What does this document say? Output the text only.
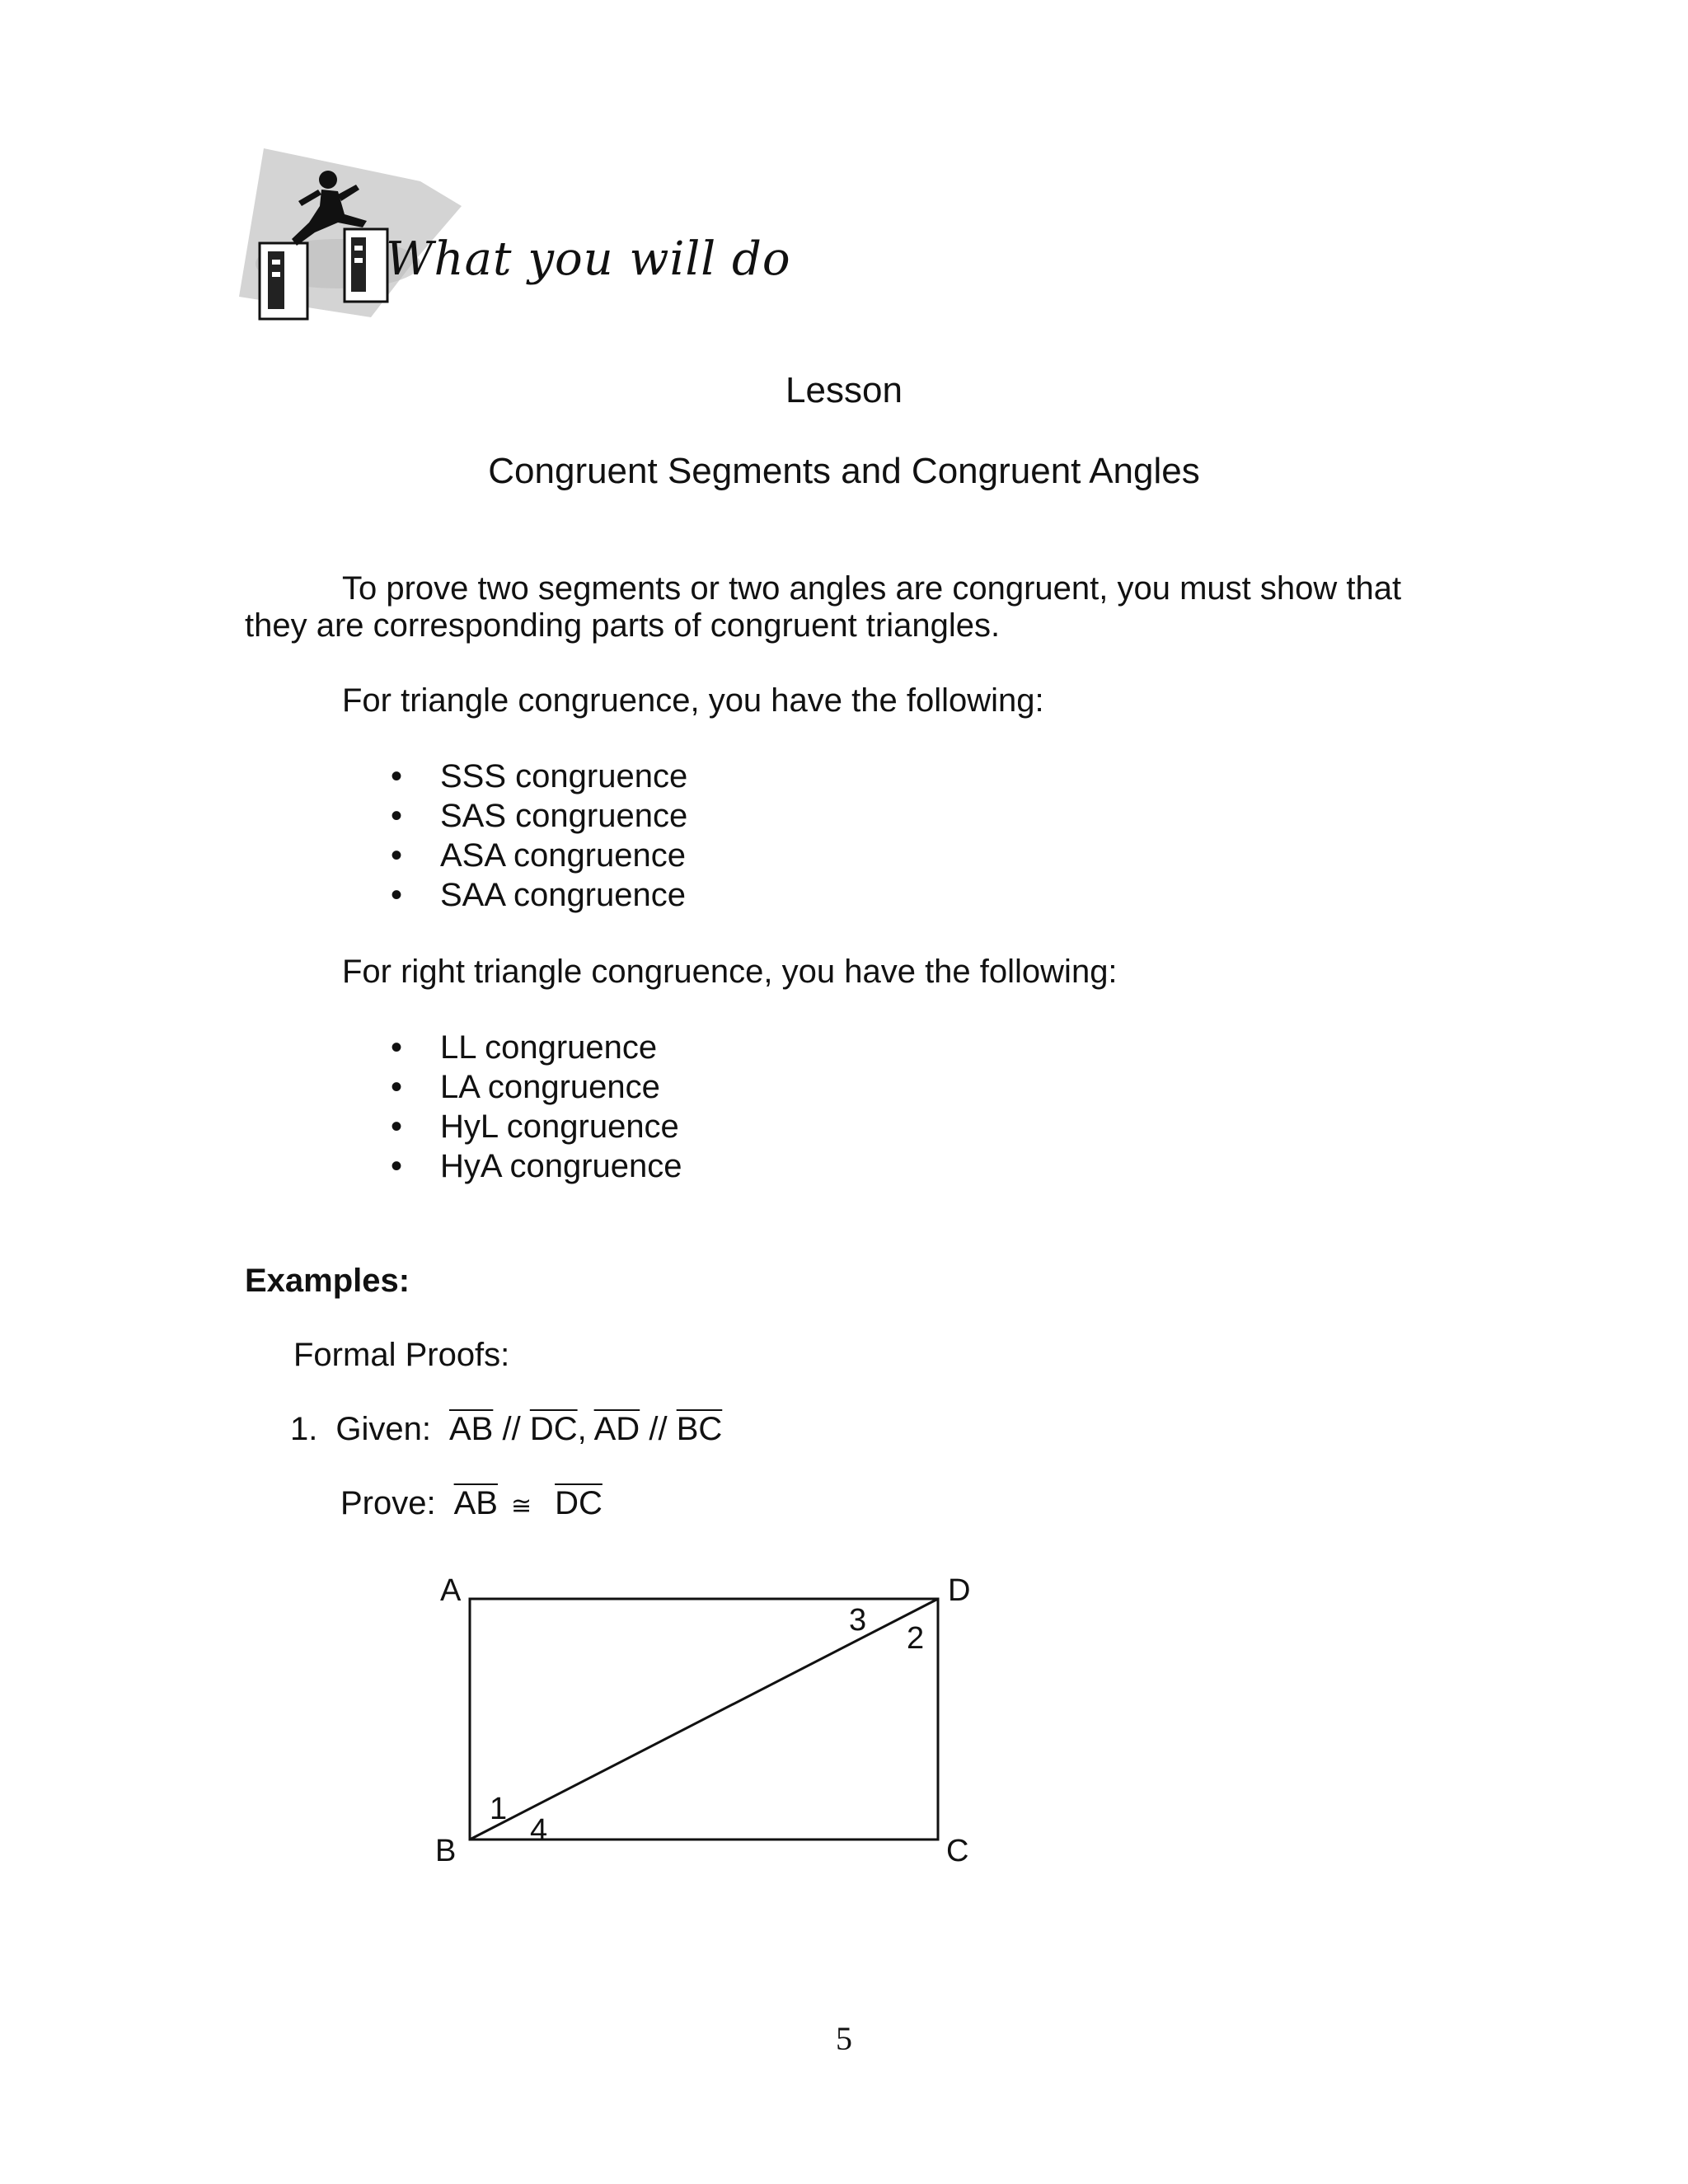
What you will do
Lesson
Congruent Segments and Congruent Angles
To prove two segments or two angles are congruent, you must show that
they are corresponding parts of congruent triangles.
For triangle congruence, you have the following:
• SSS congruence
• SAS congruence
• ASA congruence
• SAA congruence
For right triangle congruence, you have the following:
• LL congruence
• LA congruence
• HyL congruence
• HyA congruence
Examples:
Formal Proofs:
1. Given: $\overline{AB} // \overline{DC}$, $\overline{AD} // \overline{BC}$
Prove: $\overline{AB}$ ≅ $\overline{DC}$
A	D
B	C
1
2
3
4
5
